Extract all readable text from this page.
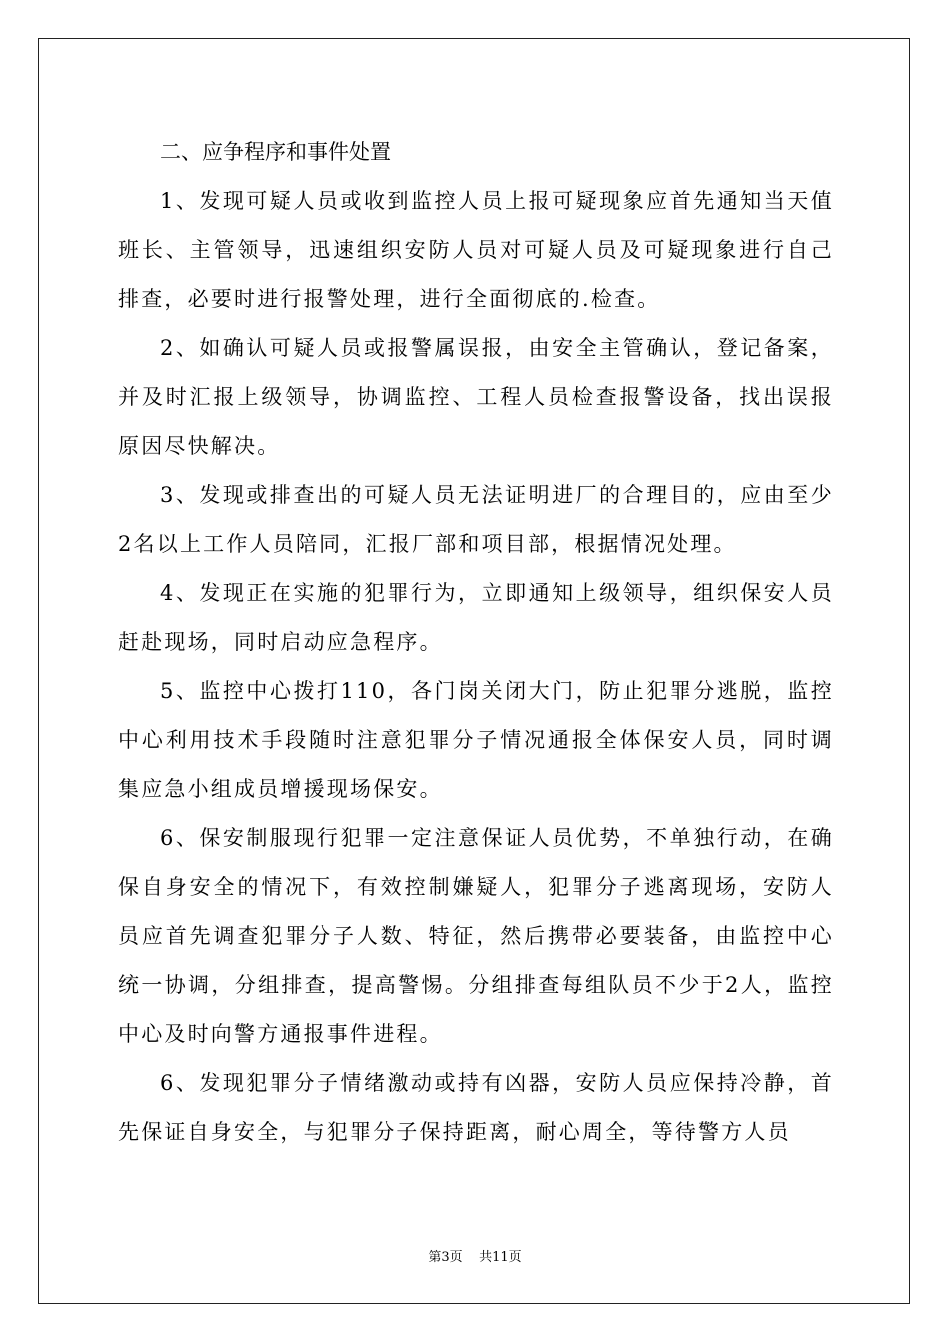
二、应争程序和事件处置

1、发现可疑人员或收到监控人员上报可疑现象应首先通知当天值班长、主管领导，迅速组织安防人员对可疑人员及可疑现象进行自己排查，必要时进行报警处理，进行全面彻底的.检查。

2、如确认可疑人员或报警属误报，由安全主管确认，登记备案，并及时汇报上级领导，协调监控、工程人员检查报警设备，找出误报原因尽快解决。

3、发现或排查出的可疑人员无法证明进厂的合理目的，应由至少2名以上工作人员陪同，汇报厂部和项目部，根据情况处理。

4、发现正在实施的犯罪行为，立即通知上级领导，组织保安人员赶赴现场，同时启动应急程序。

5、监控中心拨打110，各门岗关闭大门，防止犯罪分逃脱，监控中心利用技术手段随时注意犯罪分子情况通报全体保安人员，同时调集应急小组成员增援现场保安。

6、保安制服现行犯罪一定注意保证人员优势，不单独行动，在确保自身安全的情况下，有效控制嫌疑人，犯罪分子逃离现场，安防人员应首先调查犯罪分子人数、特征，然后携带必要装备，由监控中心统一协调，分组排查，提高警惕。分组排查每组队员不少于2人，监控中心及时向警方通报事件进程。

6、发现犯罪分子情绪激动或持有凶器，安防人员应保持冷静，首先保证自身安全，与犯罪分子保持距离，耐心周全，等待警方人员

第3页 共11页
